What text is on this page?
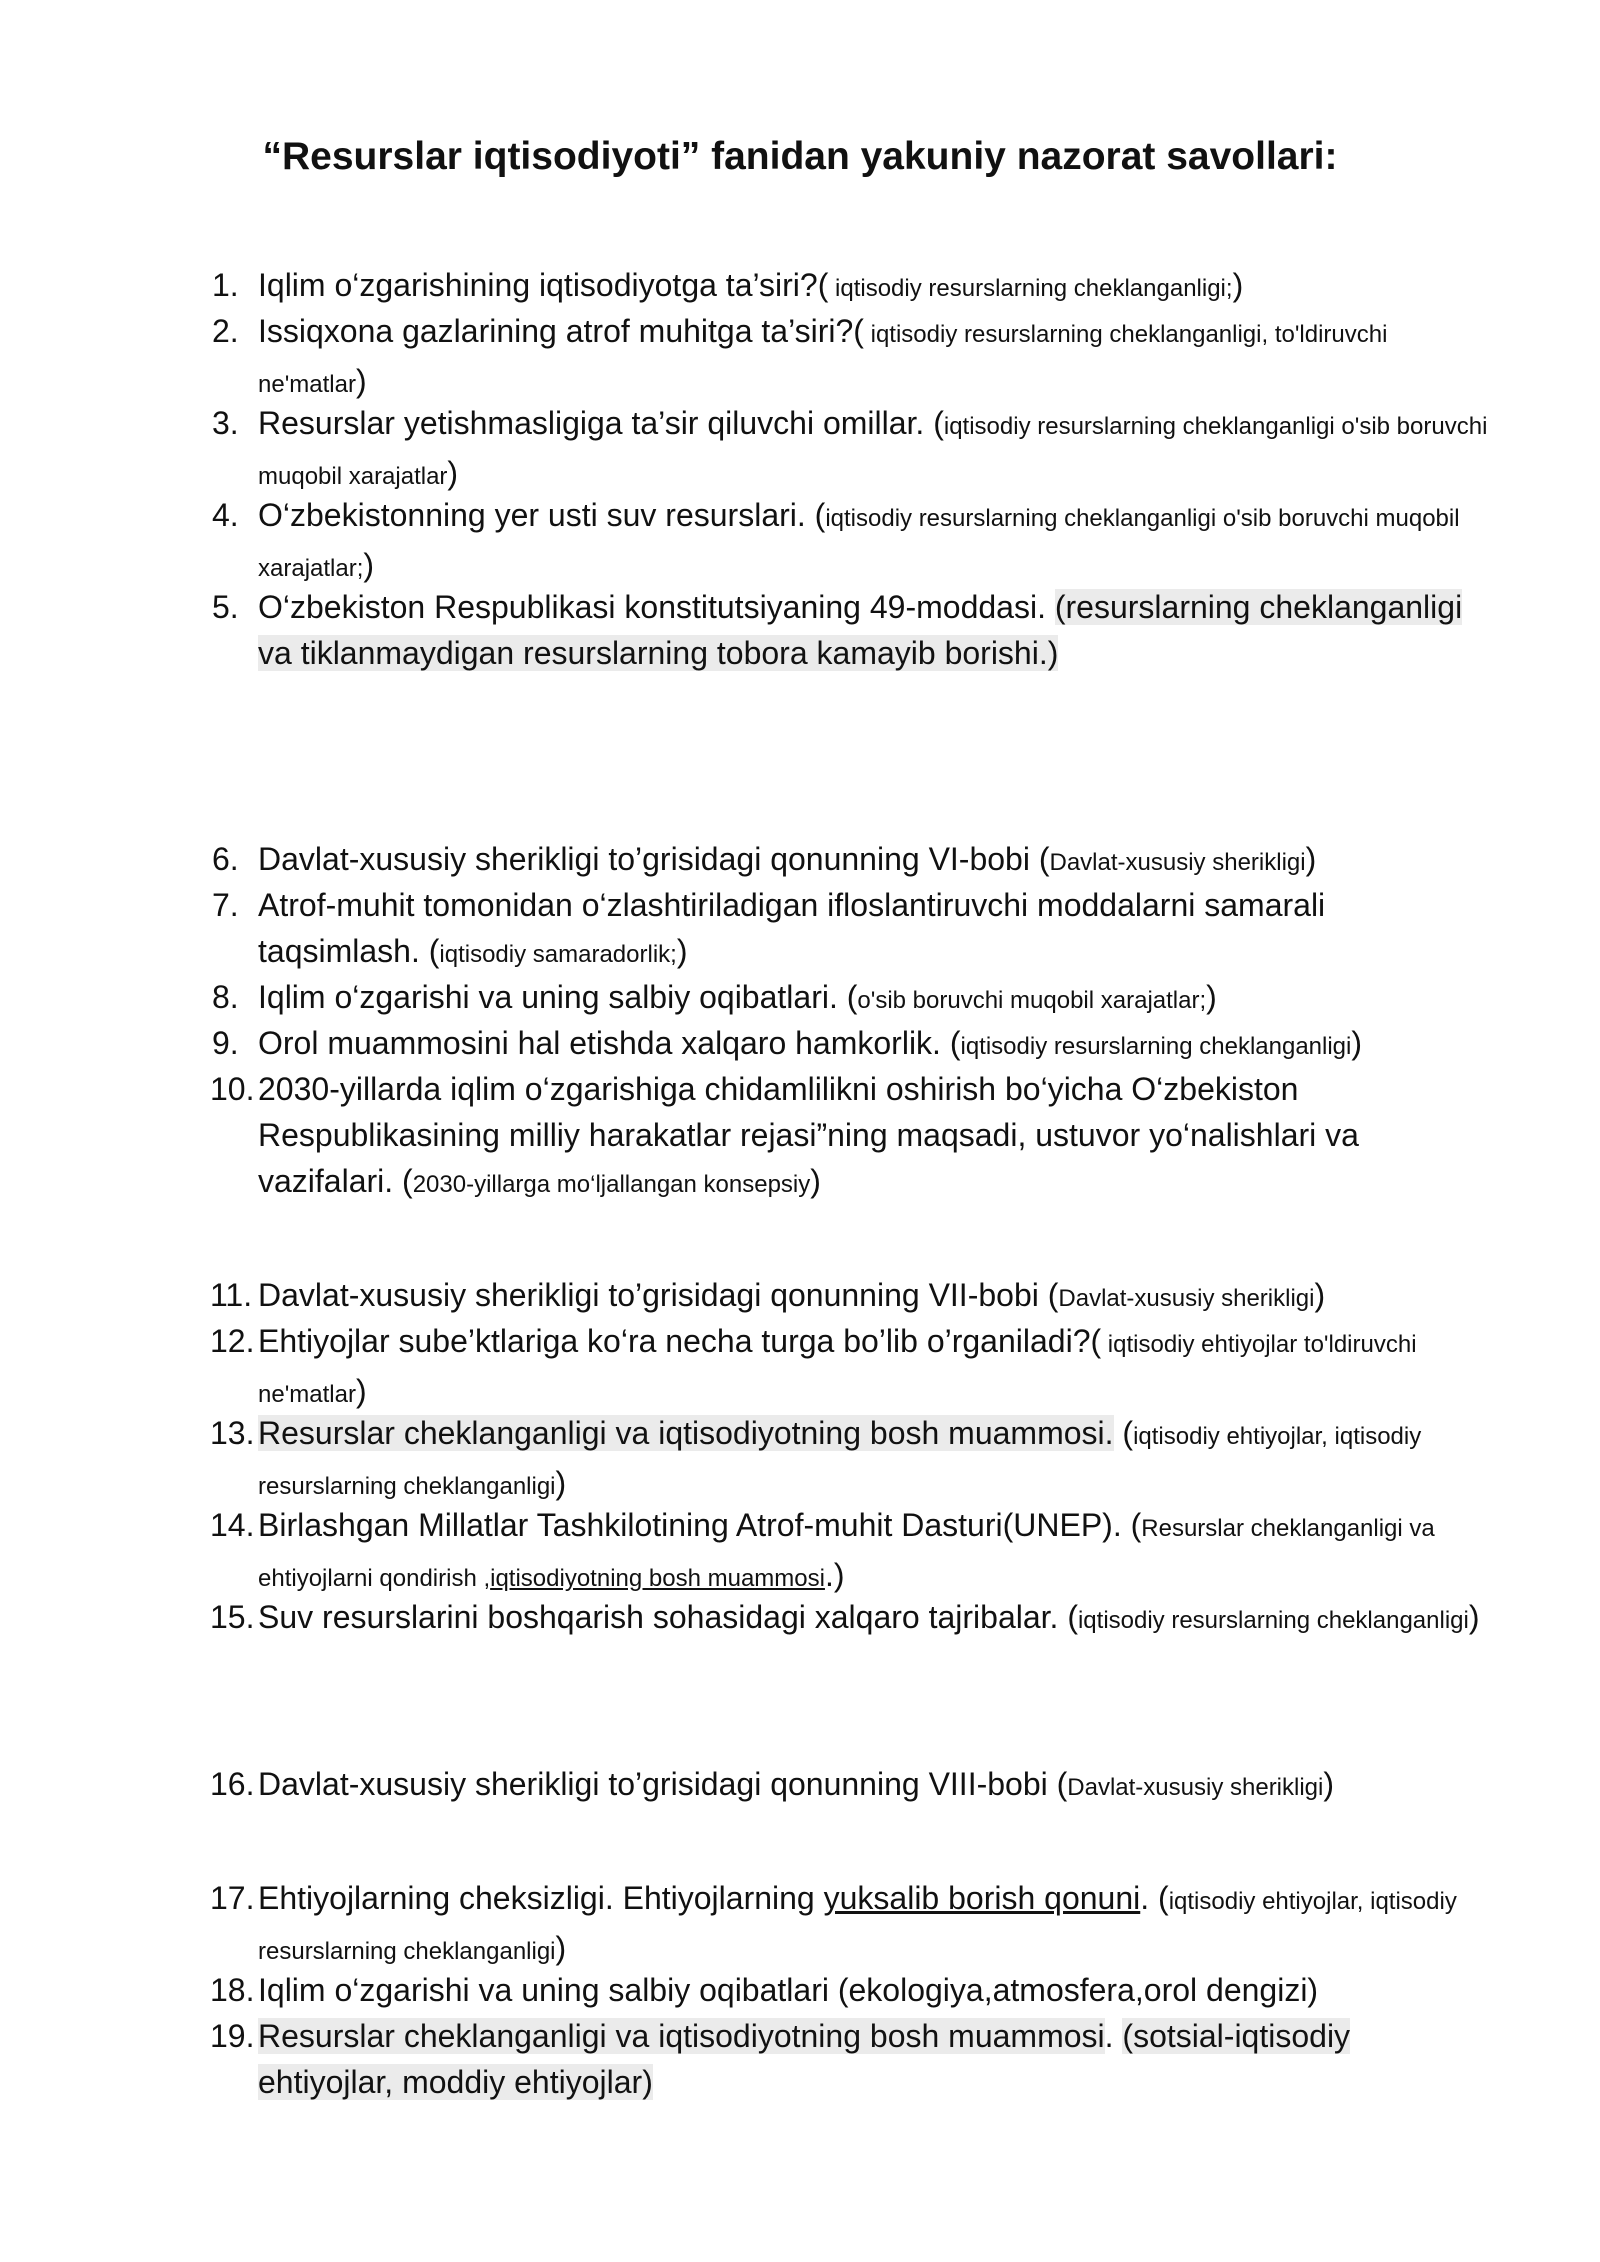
“Resurslar iqtisodiyoti” fanidan yakuniy nazorat savollari:
1. Iqlim o‘zgarishining iqtisodiyotga ta’siri?( iqtisodiy resurslarning cheklanganligi;)
2. Issiqxona gazlarining atrof muhitga ta’siri?( iqtisodiy resurslarning cheklanganligi, to'ldiruvchi ne'matlar)
3. Resurslar yetishmasligiga ta’sir qiluvchi omillar. (iqtisodiy resurslarning cheklanganligi o'sib boruvchi muqobil xarajatlar)
4. O‘zbekistonning yer usti suv resurslari. (iqtisodiy resurslarning cheklanganligi o'sib boruvchi muqobil xarajatlar;)
5. O‘zbekiston Respublikasi konstitutsiyaning 49-moddasi. (resurslarning cheklanganligi va tiklanmaydigan resurslarning tobora kamayib borishi.)
6. Davlat-xususiy sherikligi to’grisidagi qonunning VI-bobi (Davlat-xususiy sherikligi)
7. Atrof-muhit tomonidan o‘zlashtiriladigan ifloslantiruvchi moddalarni samarali taqsimlash. (iqtisodiy samaradorlik;)
8. Iqlim o‘zgarishi va uning salbiy oqibatlari. (o'sib boruvchi muqobil xarajatlar;)
9. Orol muammosini hal etishda xalqaro hamkorlik. (iqtisodiy resurslarning cheklanganligi)
10. 2030-yillarda iqlim o‘zgarishiga chidamlilikni oshirish bo‘yicha O‘zbekiston Respublikasining milliy harakatlar rejasi”ning maqsadi, ustuvor yo‘nalishlari va vazifalari. (2030-yillarga mo‘ljallangan konsepsiy)
11. Davlat-xususiy sherikligi to’grisidagi qonunning VII-bobi (Davlat-xususiy sherikligi)
12. Ehtiyojlar sube’ktlariga ko‘ra necha turga bo’lib o’rganiladi?( iqtisodiy ehtiyojlar to'ldiruvchi ne'matlar)
13. Resurslar cheklanganligi va iqtisodiyotning bosh muammosi. (iqtisodiy ehtiyojlar, iqtisodiy resurslarning cheklanganligi)
14. Birlashgan Millatlar Tashkilotining Atrof-muhit Dasturi(UNEP). (Resurslar cheklanganligi va ehtiyojlarni qondirish ,iqtisodiyotning bosh muammosi.)
15. Suv resurslarini boshqarish sohasidagi xalqaro tajribalar. (iqtisodiy resurslarning cheklanganligi)
16. Davlat-xususiy sherikligi to’grisidagi qonunning VIII-bobi (Davlat-xususiy sherikligi)
17. Ehtiyojlarning cheksizligi. Ehtiyojlarning yuksalib borish qonuni. (iqtisodiy ehtiyojlar, iqtisodiy resurslarning cheklanganligi)
18. Iqlim o‘zgarishi va uning salbiy oqibatlari (ekologiya,atmosfera,orol dengizi)
19. Resurslar cheklanganligi va iqtisodiyotning bosh muammosi. (sotsial-iqtisodiy ehtiyojlar, moddiy ehtiyojlar)
